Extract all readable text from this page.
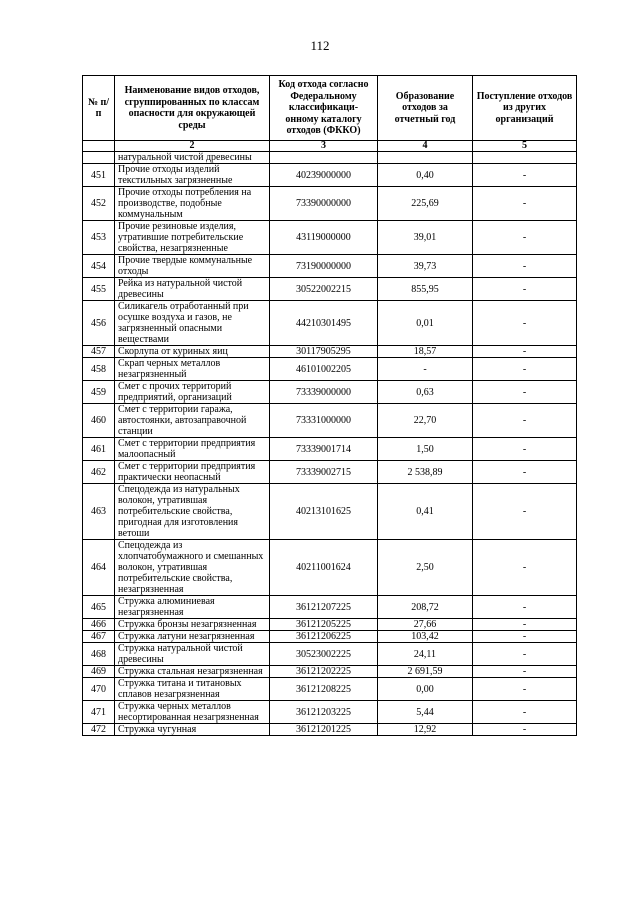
112
№ п/п	Наименование видов отходов, сгруппированных по классам опасности для окружающей среды	Код отхода согласно Федеральному классификаци-онному каталогу отходов (ФККО)	Образование отходов за отчетный год	Поступление отходов из других организаций
	2	3	4	5
	натуральной чистой древесины			
451	Прочие отходы изделий текстильных загрязненные	40239000000	0,40	-
452	Прочие отходы потребления на производстве, подобные коммунальным	73390000000	225,69	-
453	Прочие резиновые изделия, утратившие потребительские свойства, незагрязненные	43119000000	39,01	-
454	Прочие твердые коммунальные отходы	73190000000	39,73	-
455	Рейка из натуральной чистой древесины	30522002215	855,95	-
456	Силикагель отработанный при осушке воздуха и газов, не загрязненный опасными веществами	44210301495	0,01	-
457	Скорлупа от куриных яиц	30117905295	18,57	-
458	Скрап черных металлов незагрязненный	46101002205	-	-
459	Смет с прочих территорий предприятий, организаций	73339000000	0,63	-
460	Смет с территории гаража, автостоянки, автозаправочной станции	73331000000	22,70	-
461	Смет с территории предприятия малоопасный	73339001714	1,50	-
462	Смет с территории предприятия практически неопасный	73339002715	2 538,89	-
463	Спецодежда из натуральных волокон, утратившая потребительские свойства, пригодная для изготовления ветоши	40213101625	0,41	-
464	Спецодежда из хлопчатобумажного и смешанных волокон, утратившая потребительские свойства, незагрязненная	40211001624	2,50	-
465	Стружка алюминиевая незагрязненная	36121207225	208,72	-
466	Стружка бронзы незагрязненная	36121205225	27,66	-
467	Стружка латуни незагрязненная	36121206225	103,42	-
468	Стружка натуральной чистой древесины	30523002225	24,11	-
469	Стружка стальная незагрязненная	36121202225	2 691,59	-
470	Стружка титана и титановых сплавов незагрязненная	36121208225	0,00	-
471	Стружка черных металлов несортированная незагрязненная	36121203225	5,44	-
472	Стружка чугунная	36121201225	12,92	-
